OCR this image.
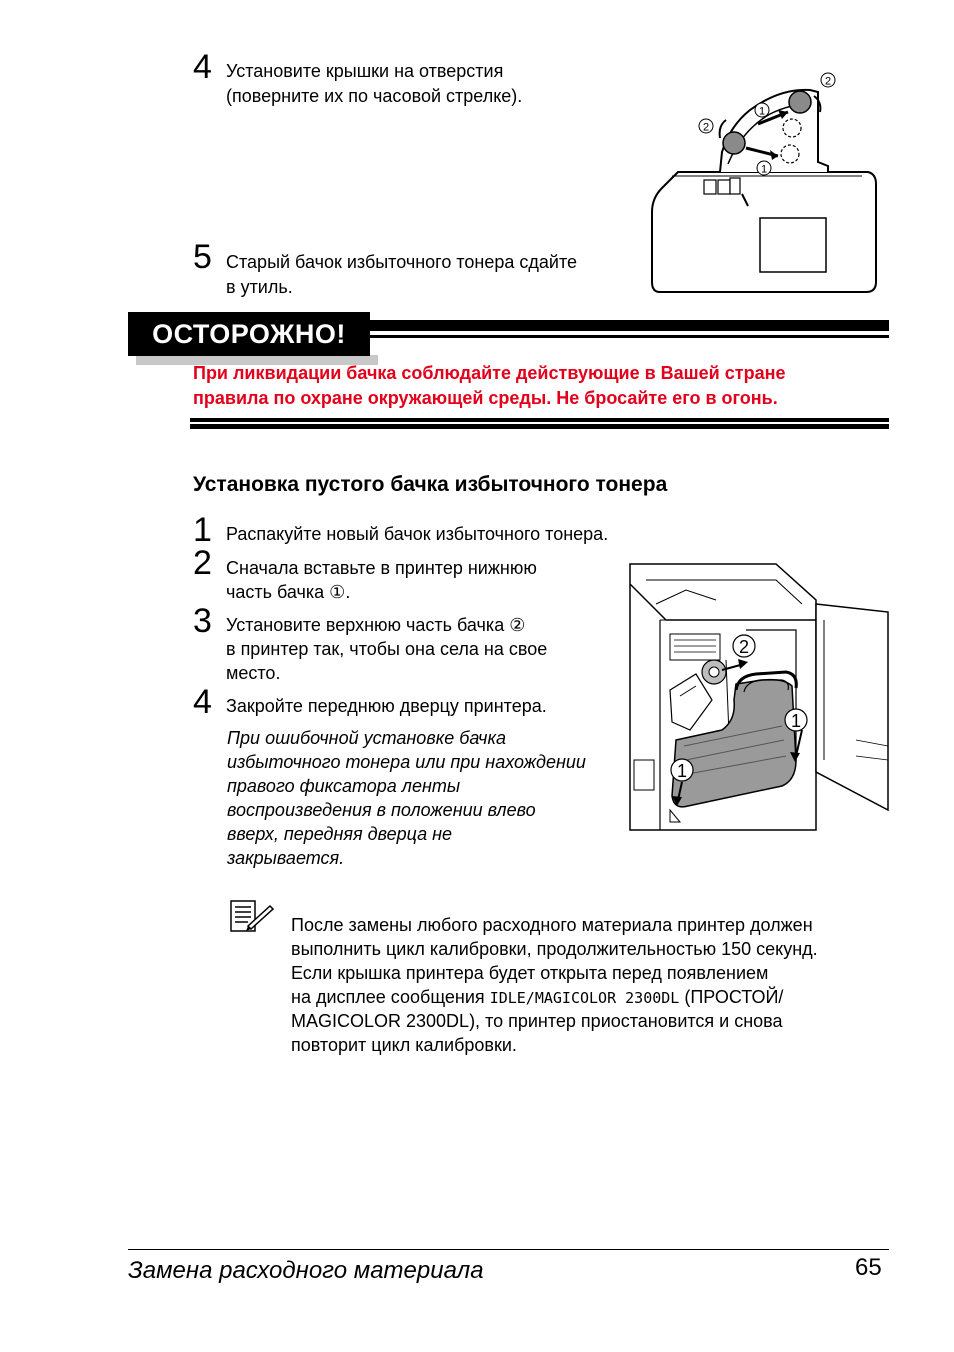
4 Установите крышки на отверстия
(поверните их по часовой стрелке).
2
1
2
1
5 Старый бачок избыточного тонера сдайте
в утиль.
ОСТОРОЖНО!
При ликвидации бачка соблюдайте действующие в Вашей стране
правила по охране окружающей среды. Не бросайте его в огонь.
Установка пустого бачка избыточного тонера
1 Распакуйте новый бачок избыточного тонера.
2 Сначала вставьте в принтер нижнюю
часть бачка ①.
3 Установите верхнюю часть бачка ②
в принтер так, чтобы она села на свое
место.
4 Закройте переднюю дверцу принтера.
При ошибочной установке бачка
избыточного тонера или при нахождении
правого фиксатора ленты
воспроизведения в положении влево
вверх, передняя дверца не
закрывается.
2
1
1
После замены любого расходного материала принтер должен
выполнить цикл калибровки, продолжительностью 150 секунд.
Если крышка принтера будет открыта перед появлением
на дисплее сообщения IDLE/MAGICOLOR 2300DL (ПРОСТОЙ/
MAGICOLOR 2300DL), то принтер приостановится и снова
повторит цикл калибровки.
Замена расходного материала	65
